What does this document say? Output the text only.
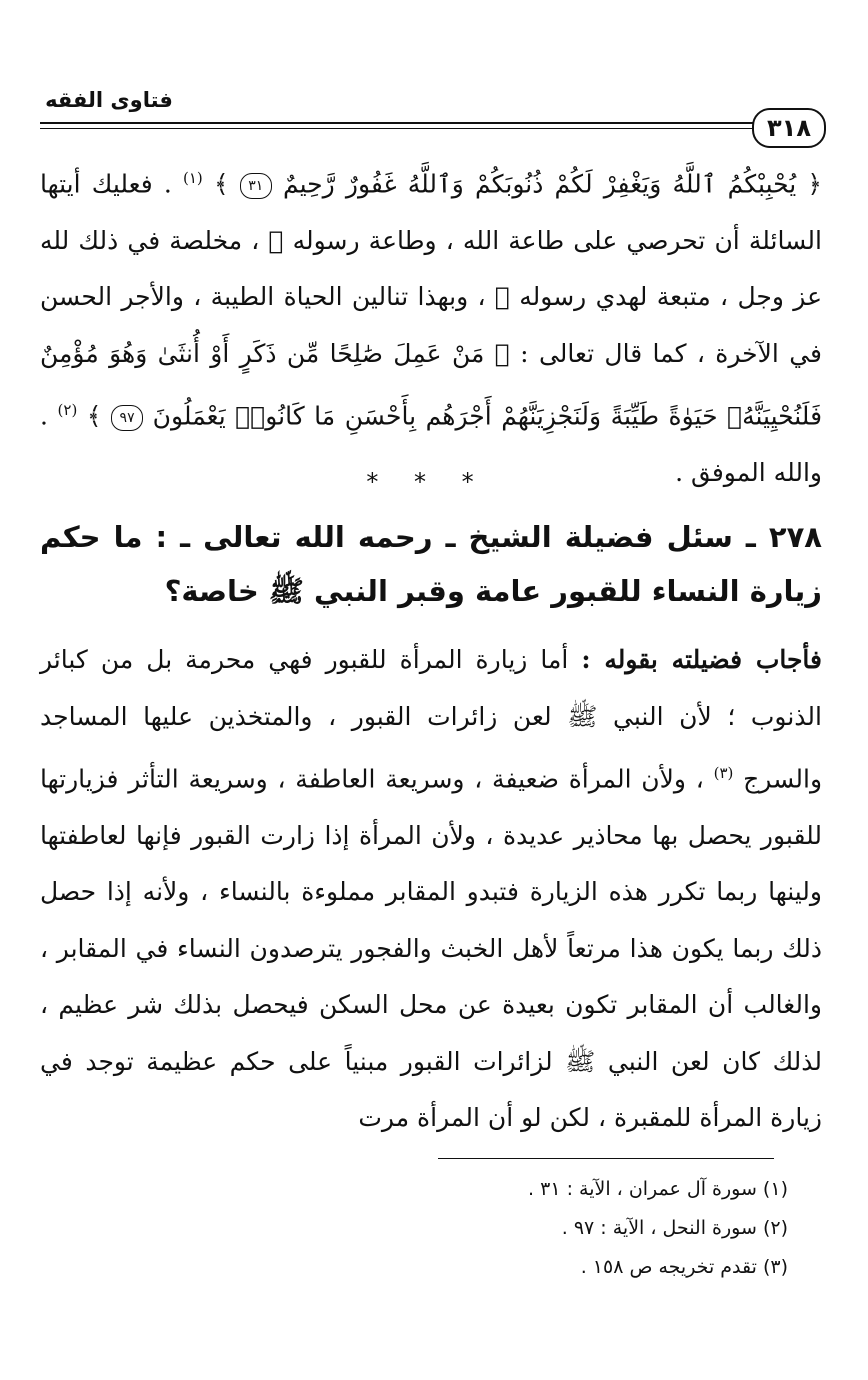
فتاوى الفقه
٣١٨
﴿ يُحْبِبْكُمُ ٱللَّهُ وَيَغْفِرْ لَكُمْ ذُنُوبَكُمْ وَٱللَّهُ غَفُورٌ رَّحِيمٌ ٣١ ﴾ $^{(١)}$ . فعليك أيتها السائلة أن تحرصي على طاعة الله ، وطاعة رسوله ﷺ ، مخلصة في ذلك لله عز وجل ، متبعة لهدي رسوله ﷺ ، وبهذا تنالين الحياة الطيبة ، والأجر الحسن في الآخرة ، كما قال تعالى : ﴿ مَنْ عَمِلَ صَٰلِحًا مِّن ذَكَرٍ أَوْ أُنثَىٰ وَهُوَ مُؤْمِنٌ فَلَنُحْيِيَنَّهُۥ حَيَوٰةً طَيِّبَةً وَلَنَجْزِيَنَّهُمْ أَجْرَهُم بِأَحْسَنِ مَا كَانُوا۟ يَعْمَلُونَ ٩٧ ﴾ $^{(٢)}$ . والله الموفق .
* * *
٢٧٨ ـ سئل فضيلة الشيخ ـ رحمه الله تعالى ـ : ما حكم زيارة النساء للقبور عامة وقبر النبي ﷺ خاصة؟
فأجاب فضيلته بقوله : أما زيارة المرأة للقبور فهي محرمة بل من كبائر الذنوب ؛ لأن النبي ﷺ لعن زائرات القبور ، والمتخذين عليها المساجد والسرج $^{(٣)}$ ، ولأن المرأة ضعيفة ، وسريعة العاطفة ، وسريعة التأثر فزيارتها للقبور يحصل بها محاذير عديدة ، ولأن المرأة إذا زارت القبور فإنها لعاطفتها ولينها ربما تكرر هذه الزيارة فتبدو المقابر مملوءة بالنساء ، ولأنه إذا حصل ذلك ربما يكون هذا مرتعاً لأهل الخبث والفجور يترصدون النساء في المقابر ، والغالب أن المقابر تكون بعيدة عن محل السكن فيحصل بذلك شر عظيم ، لذلك كان لعن النبي ﷺ لزائرات القبور مبنياً على حكم عظيمة توجد في زيارة المرأة للمقبرة ، لكن لو أن المرأة مرت
(١) سورة آل عمران ، الآية : ٣١ .
(٢) سورة النحل ، الآية : ٩٧ .
(٣) تقدم تخريجه ص ١٥٨ .
